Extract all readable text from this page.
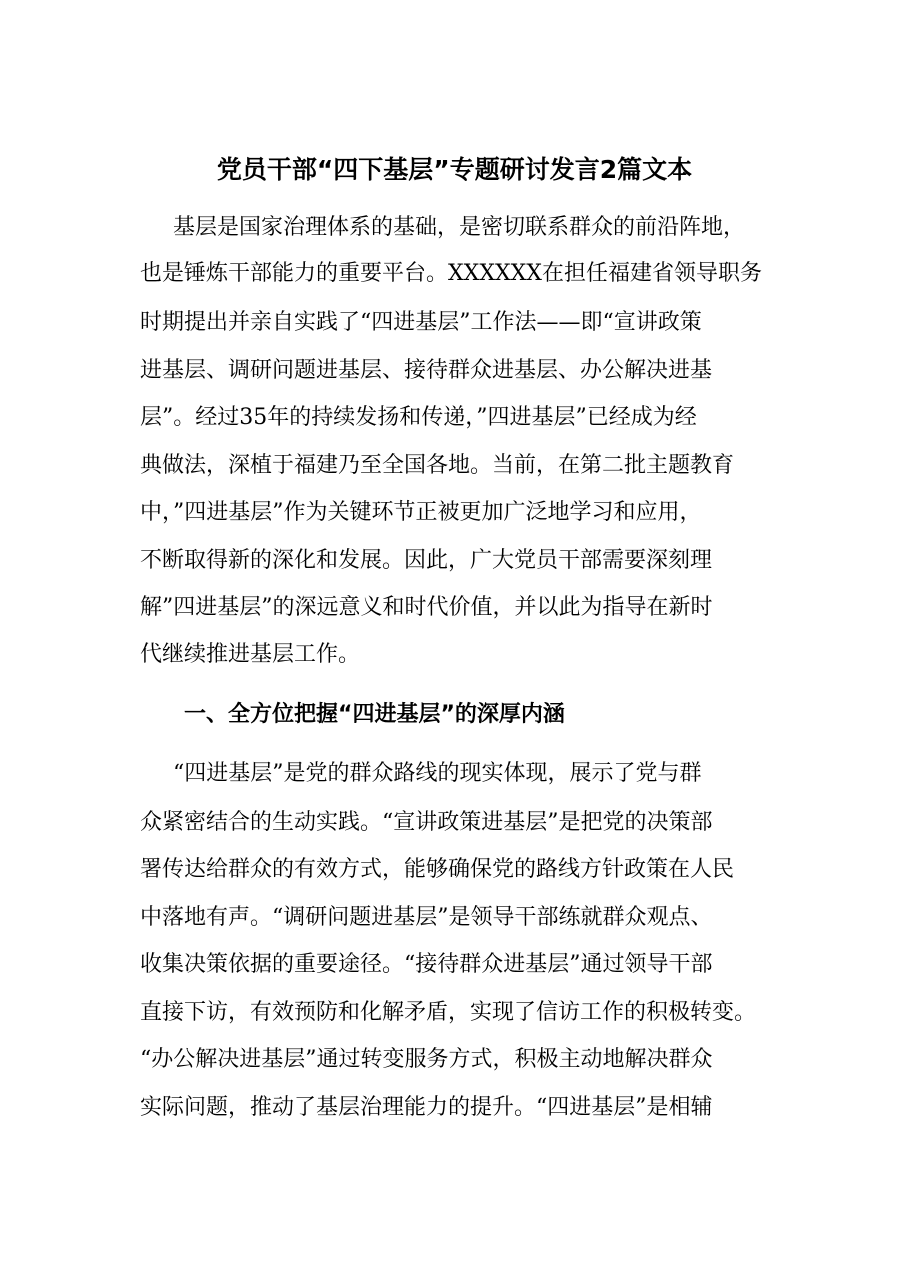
党员干部“四下基层”专题研讨发言2篇文本

基层是国家治理体系的基础，是密切联系群众的前沿阵地，

也是锤炼干部能力的重要平台。XXXXXX在担任福建省领导职务

时期提出并亲自实践了“四进基层”工作法——即“宣讲政策

进基层、调研问题进基层、接待群众进基层、办公解决进基

层”。经过35年的持续发扬和传递，”四进基层”已经成为经

典做法，深植于福建乃至全国各地。当前，在第二批主题教育

中，”四进基层”作为关键环节正被更加广泛地学习和应用，

不断取得新的深化和发展。因此，广大党员干部需要深刻理

解”四进基层”的深远意义和时代价值，并以此为指导在新时

代继续推进基层工作。

一、全方位把握“四进基层”的深厚内涵

“四进基层”是党的群众路线的现实体现，展示了党与群

众紧密结合的生动实践。“宣讲政策进基层”是把党的决策部

署传达给群众的有效方式，能够确保党的路线方针政策在人民

中落地有声。“调研问题进基层”是领导干部练就群众观点、

收集决策依据的重要途径。“接待群众进基层”通过领导干部

直接下访，有效预防和化解矛盾，实现了信访工作的积极转变。

“办公解决进基层”通过转变服务方式，积极主动地解决群众

实际问题，推动了基层治理能力的提升。“四进基层”是相辅
